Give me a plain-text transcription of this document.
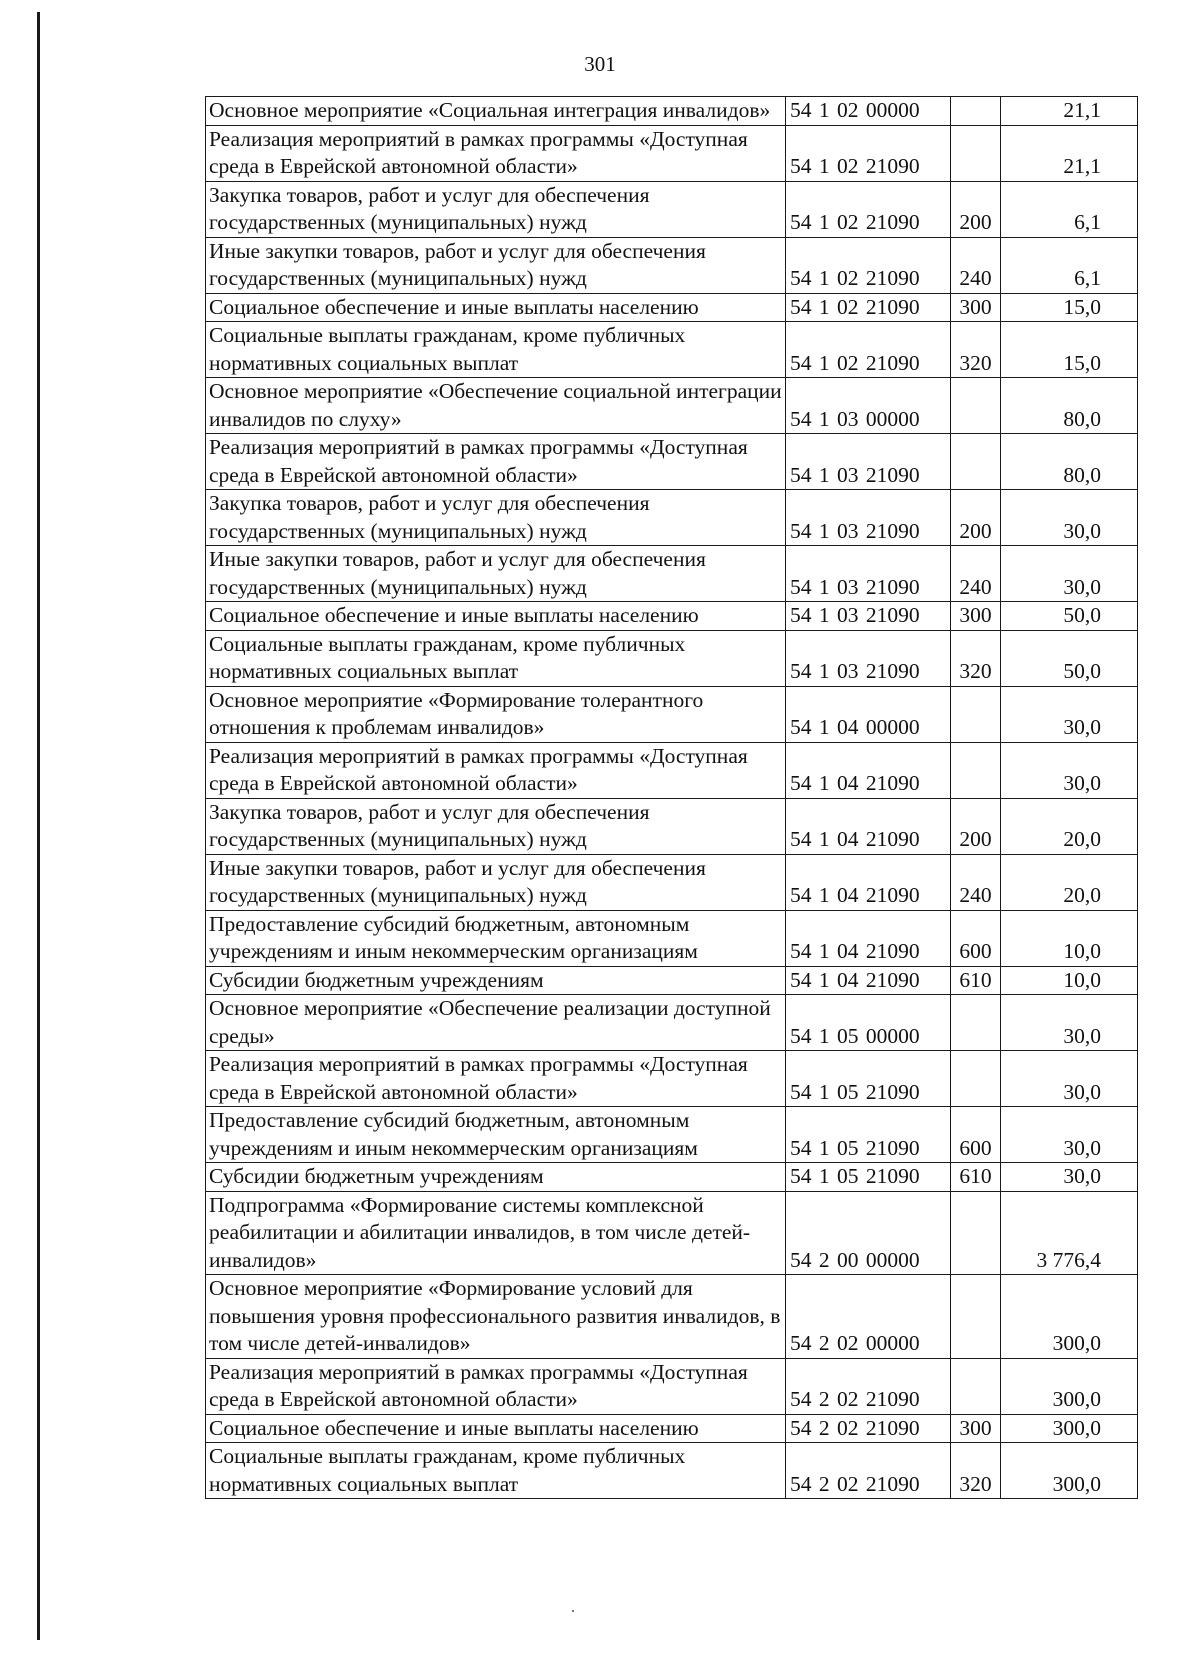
301
Основное мероприятие «Социальная интеграция инвалидов»	54 1 02 00000		21,1
Реализация мероприятий в рамках программы «Доступная среда в Еврейской автономной области»	54 1 02 21090		21,1
Закупка товаров, работ и услуг для обеспечения государственных (муниципальных) нужд	54 1 02 21090	200	6,1
Иные закупки товаров, работ и услуг для обеспечения государственных (муниципальных) нужд	54 1 02 21090	240	6,1
Социальное обеспечение и иные выплаты населению	54 1 02 21090	300	15,0
Социальные выплаты гражданам, кроме публичных нормативных социальных выплат	54 1 02 21090	320	15,0
Основное мероприятие «Обеспечение социальной интеграции инвалидов по слуху»	54 1 03 00000		80,0
Реализация мероприятий в рамках программы «Доступная среда в Еврейской автономной области»	54 1 03 21090		80,0
Закупка товаров, работ и услуг для обеспечения государственных (муниципальных) нужд	54 1 03 21090	200	30,0
Иные закупки товаров, работ и услуг для обеспечения государственных (муниципальных) нужд	54 1 03 21090	240	30,0
Социальное обеспечение и иные выплаты населению	54 1 03 21090	300	50,0
Социальные выплаты гражданам, кроме публичных нормативных социальных выплат	54 1 03 21090	320	50,0
Основное мероприятие «Формирование толерантного отношения к проблемам инвалидов»	54 1 04 00000		30,0
Реализация мероприятий в рамках программы «Доступная среда в Еврейской автономной области»	54 1 04 21090		30,0
Закупка товаров, работ и услуг для обеспечения государственных (муниципальных) нужд	54 1 04 21090	200	20,0
Иные закупки товаров, работ и услуг для обеспечения государственных (муниципальных) нужд	54 1 04 21090	240	20,0
Предоставление субсидий бюджетным, автономным учреждениям и иным некоммерческим организациям	54 1 04 21090	600	10,0
Субсидии бюджетным учреждениям	54 1 04 21090	610	10,0
Основное мероприятие «Обеспечение реализации доступной среды»	54 1 05 00000		30,0
Реализация мероприятий в рамках программы «Доступная среда в Еврейской автономной области»	54 1 05 21090		30,0
Предоставление субсидий бюджетным, автономным учреждениям и иным некоммерческим организациям	54 1 05 21090	600	30,0
Субсидии бюджетным учреждениям	54 1 05 21090	610	30,0
Подпрограмма «Формирование системы комплексной реабилитации и абилитации инвалидов, в том числе детей-инвалидов»	54 2 00 00000		3 776,4
Основное мероприятие «Формирование условий для повышения уровня профессионального развития инвалидов, в том числе детей-инвалидов»	54 2 02 00000		300,0
Реализация мероприятий в рамках программы «Доступная среда в Еврейской автономной области»	54 2 02 21090		300,0
Социальное обеспечение и иные выплаты населению	54 2 02 21090	300	300,0
Социальные выплаты гражданам, кроме публичных нормативных социальных выплат	54 2 02 21090	320	300,0
